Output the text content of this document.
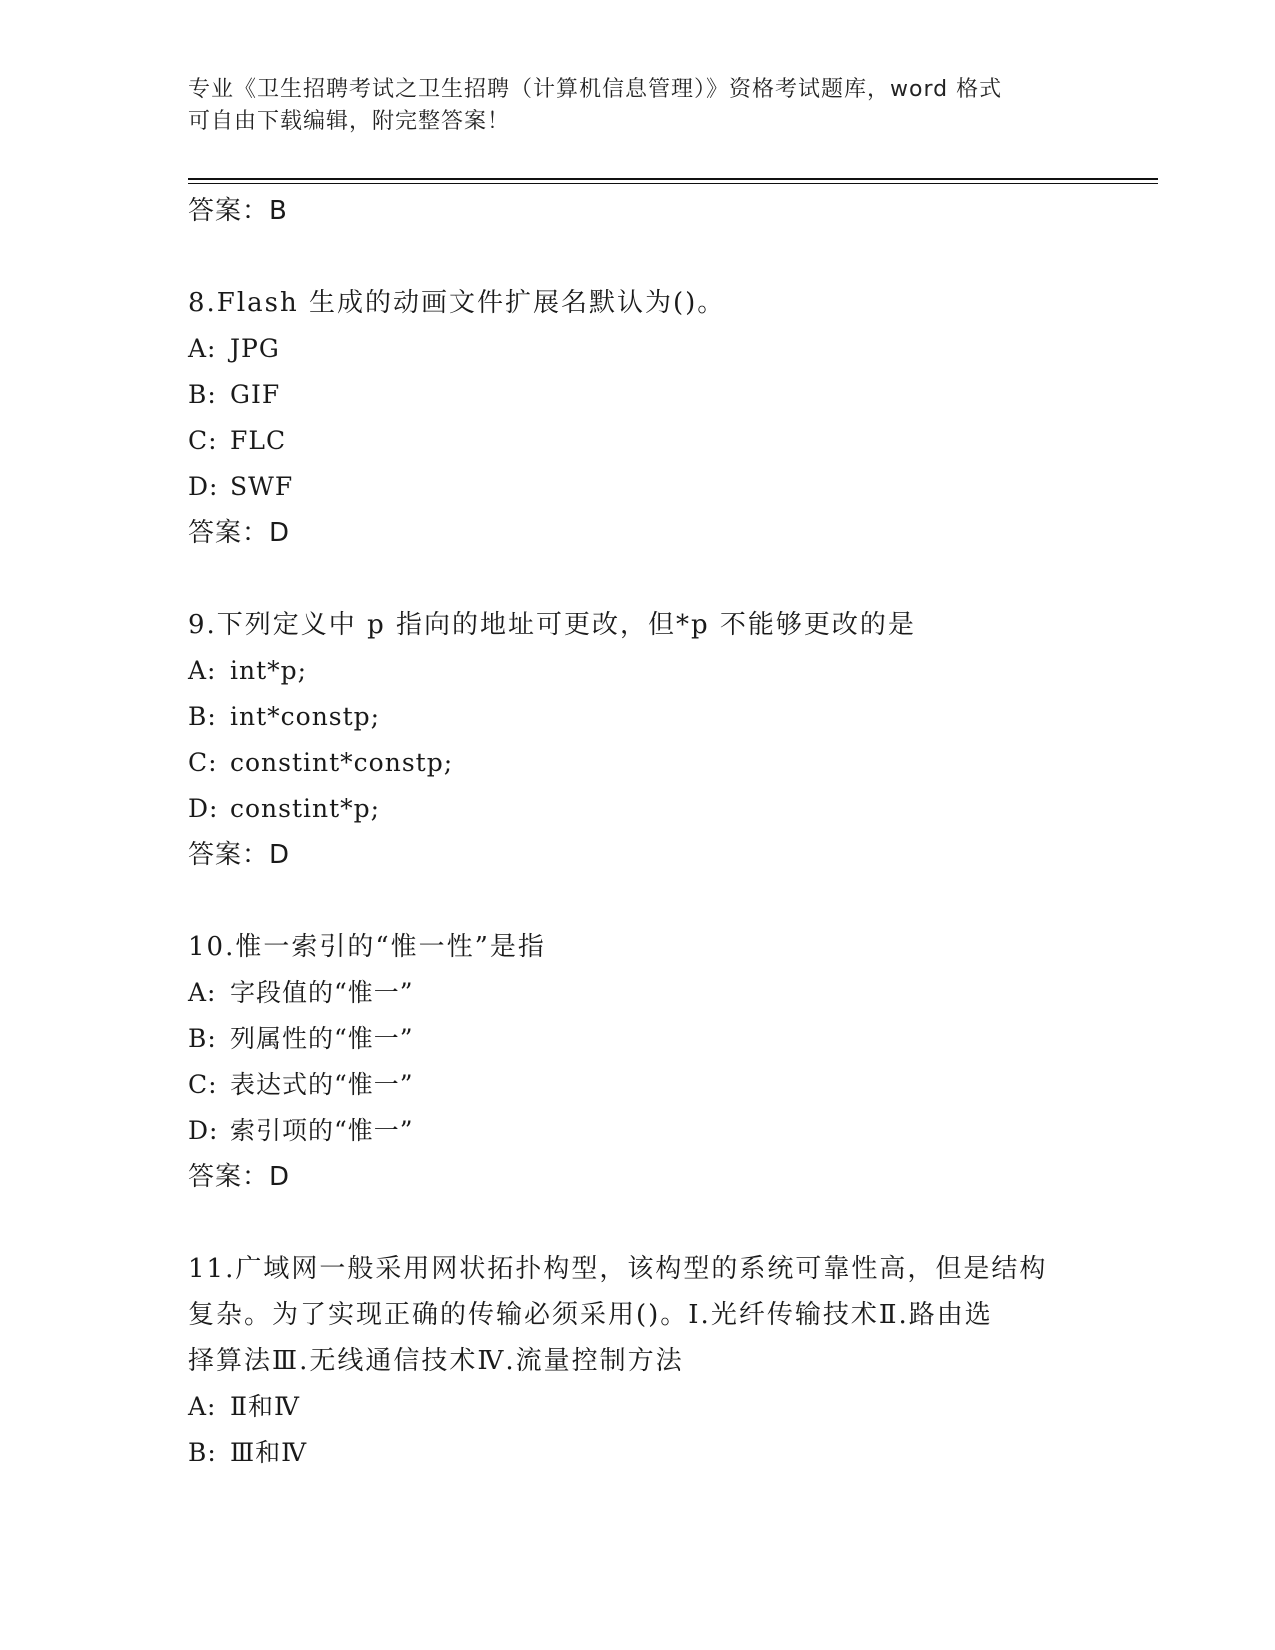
专业《卫生招聘考试之卫生招聘（计算机信息管理）》资格考试题库，word 格式
可自由下载编辑，附完整答案！
答案：B
8.Flash 生成的动画文件扩展名默认为()。
A: JPG
B: GIF
C: FLC
D: SWF
答案：D
9.下列定义中 p 指向的地址可更改，但*p 不能够更改的是
A: int*p;
B: int*constp;
C: constint*constp;
D: constint*p;
答案：D
10.惟一索引的“惟一性”是指
A: 字段值的“惟一”
B: 列属性的“惟一”
C: 表达式的“惟一”
D: 索引项的“惟一”
答案：D
11.广域网一般采用网状拓扑构型，该构型的系统可靠性高，但是结构
复杂。为了实现正确的传输必须采用()。Ⅰ.光纤传输技术Ⅱ.路由选
择算法Ⅲ.无线通信技术Ⅳ.流量控制方法
A: Ⅱ和Ⅳ
B: Ⅲ和Ⅳ
